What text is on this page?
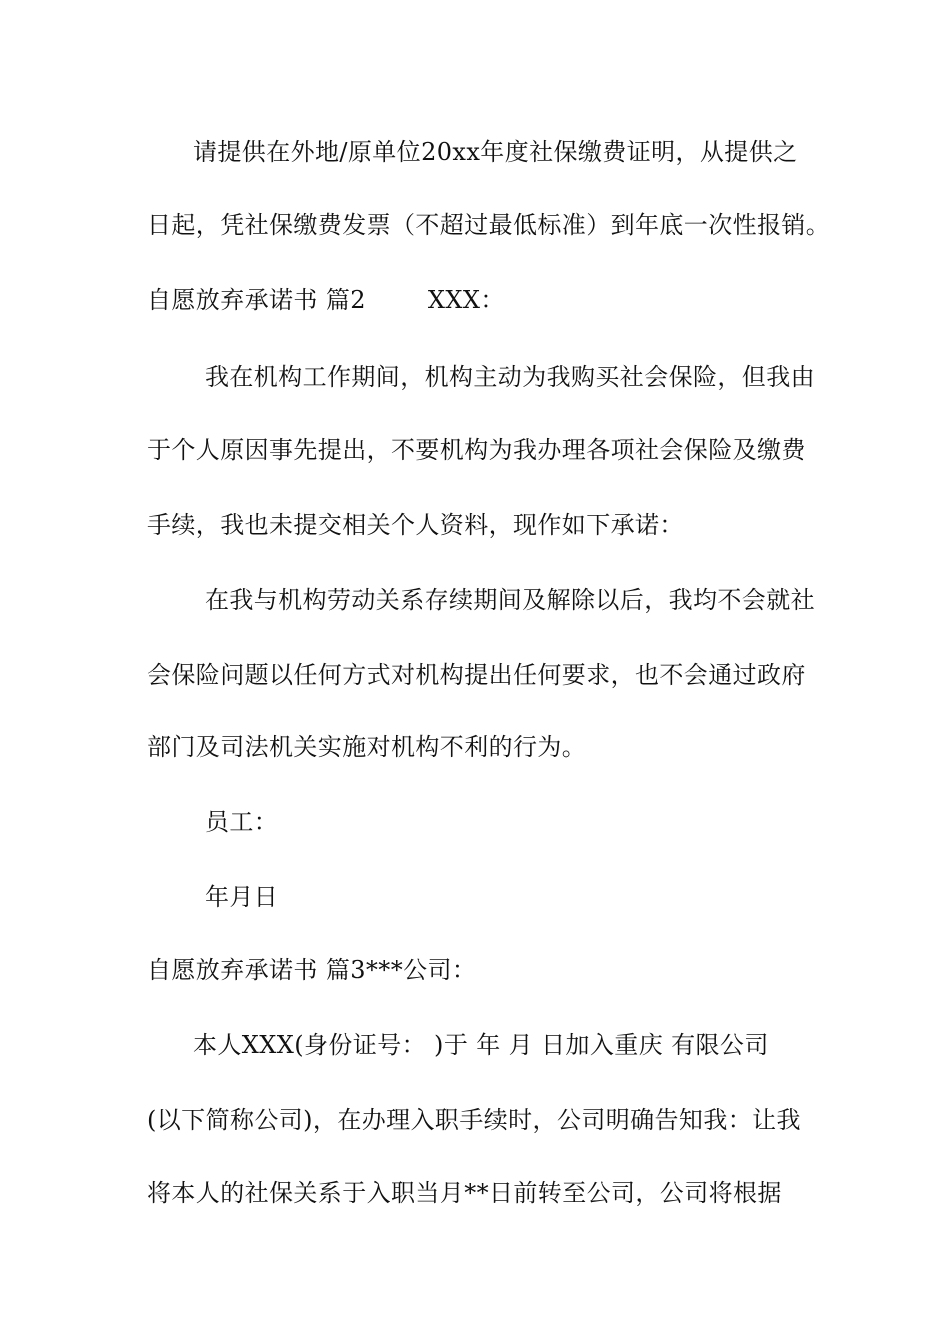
请提供在外地/原单位20xx年度社保缴费证明，从提供之
日起，凭社保缴费发票（不超过最低标准）到年底一次性报销。
自愿放弃承诺书 篇2	XXX：
我在机构工作期间，机构主动为我购买社会保险，但我由
于个人原因事先提出，不要机构为我办理各项社会保险及缴费
手续，我也未提交相关个人资料，现作如下承诺：
在我与机构劳动关系存续期间及解除以后，我均不会就社
会保险问题以任何方式对机构提出任何要求，也不会通过政府
部门及司法机关实施对机构不利的行为。
员工：
年月日
自愿放弃承诺书 篇3***公司：
本人XXX(身份证号： )于 年 月 日加入重庆 有限公司
(以下简称公司)，在办理入职手续时，公司明确告知我：让我
将本人的社保关系于入职当月**日前转至公司，公司将根据
